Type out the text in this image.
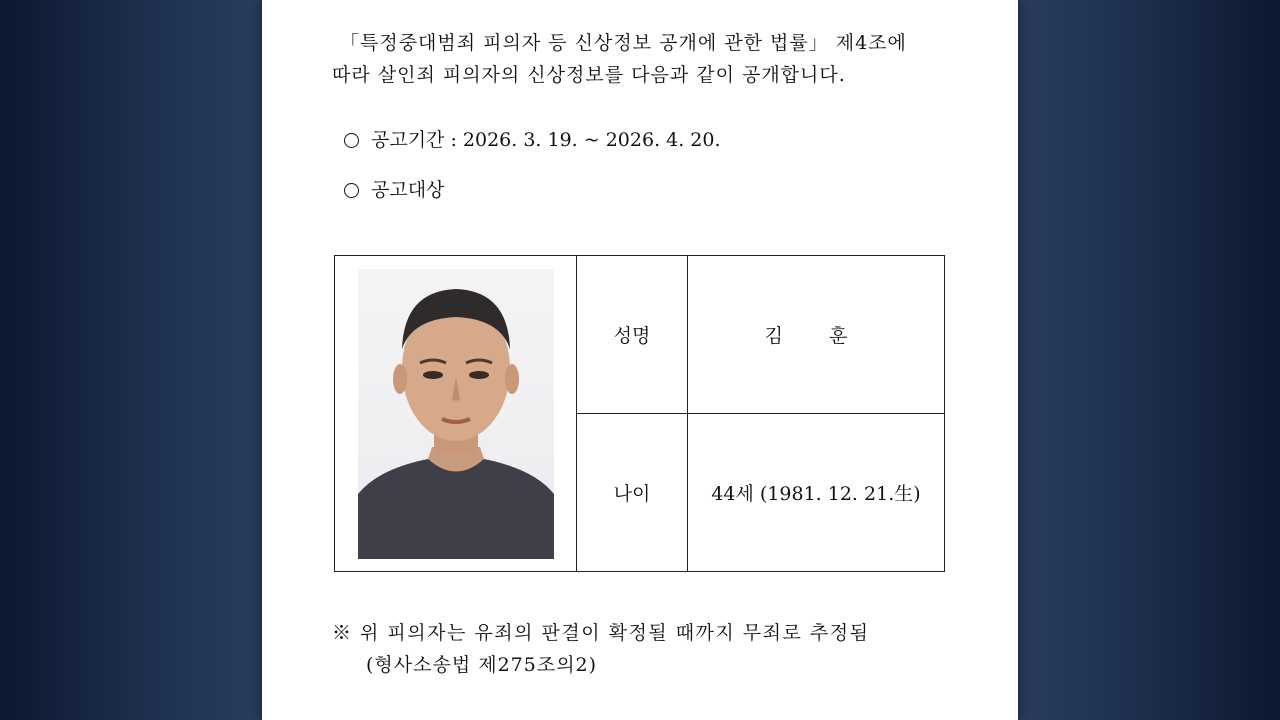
「특정중대범죄 피의자 등 신상정보 공개에 관한 법률」 제4조에
따라 살인죄 피의자의 신상정보를 다음과 같이 공개합니다.
공고기간 : 2026. 3. 19. ~ 2026. 4. 20.
공고대상
	성명	김 훈
	나이	44세 (1981. 12. 21.生)
※ 위 피의자는 유죄의 판결이 확정될 때까지 무죄로 추정됨
(형사소송법 제275조의2)
